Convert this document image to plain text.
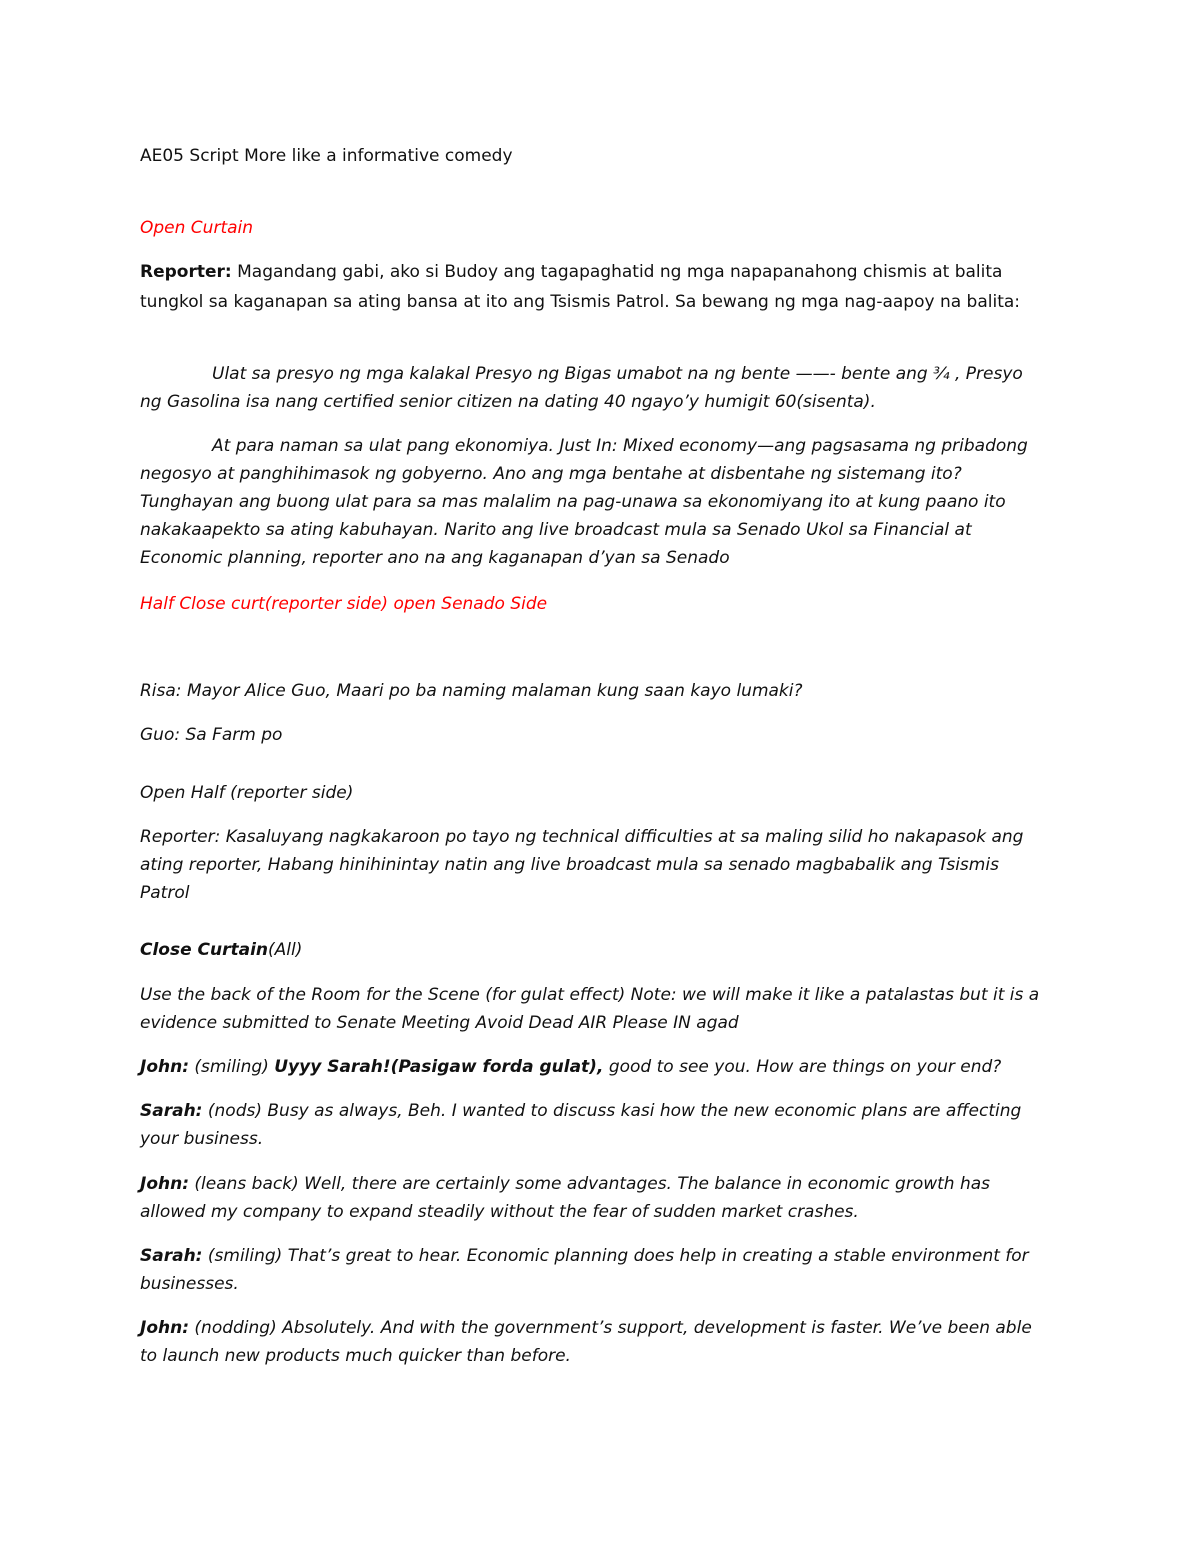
AE05 Script More like a informative comedy
Open Curtain
Reporter: Magandang gabi, ako si Budoy ang tagapaghatid ng mga napapanahong chismis at balita
tungkol sa kaganapan sa ating bansa at ito ang Tsismis Patrol. Sa bewang ng mga nag-aapoy na balita:
Ulat sa presyo ng mga kalakal Presyo ng Bigas umabot na ng bente ——- bente ang ¾ , Presyo
ng Gasolina isa nang certified senior citizen na dating 40 ngayo’y humigit 60(sisenta).
At para naman sa ulat pang ekonomiya. Just In: Mixed economy—ang pagsasama ng pribadong
negosyo at panghihimasok ng gobyerno. Ano ang mga bentahe at disbentahe ng sistemang ito?
Tunghayan ang buong ulat para sa mas malalim na pag-unawa sa ekonomiyang ito at kung paano ito
nakakaapekto sa ating kabuhayan. Narito ang live broadcast mula sa Senado Ukol sa Financial at
Economic planning, reporter ano na ang kaganapan d’yan sa Senado
Half Close curt(reporter side) open Senado Side
Risa: Mayor Alice Guo, Maari po ba naming malaman kung saan kayo lumaki?
Guo: Sa Farm po
Open Half (reporter side)
Reporter: Kasaluyang nagkakaroon po tayo ng technical difficulties at sa maling silid ho nakapasok ang
ating reporter, Habang hinihinintay natin ang live broadcast mula sa senado magbabalik ang Tsismis
Patrol
Close Curtain(All)
Use the back of the Room for the Scene (for gulat effect) Note: we will make it like a patalastas but it is a
evidence submitted to Senate Meeting Avoid Dead AIR Please IN agad
John: (smiling) Uyyy Sarah!(Pasigaw forda gulat), good to see you. How are things on your end?
Sarah: (nods) Busy as always, Beh. I wanted to discuss kasi how the new economic plans are affecting
your business.
John: (leans back) Well, there are certainly some advantages. The balance in economic growth has
allowed my company to expand steadily without the fear of sudden market crashes.
Sarah: (smiling) That’s great to hear. Economic planning does help in creating a stable environment for
businesses.
John: (nodding) Absolutely. And with the government’s support, development is faster. We’ve been able
to launch new products much quicker than before.
